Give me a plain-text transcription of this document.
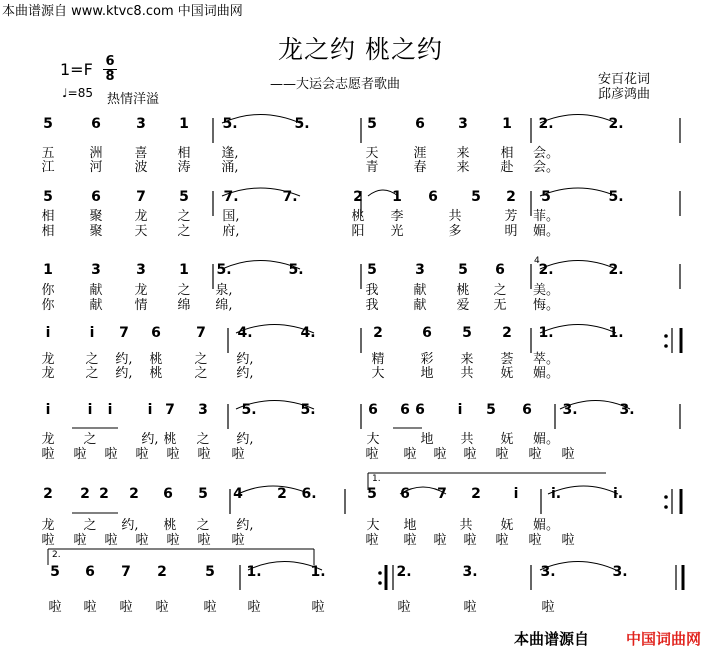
本曲谱源自 www.ktvc8.com 中国词曲网
龙之约 桃之约
$1=F \frac{6}{8}$
♩=85 热情洋溢
——大运会志愿者歌曲	安百花词
邱彦鸿曲
5	6	3 1 5.	5.	5	6 3 1 2.	2.
五	洲 喜 相 逢,	天	涯 来 相 会。
江	河 波 涛 涌,	青	春 来 赴 会。
5	6	7 5 7.	7.	2 1 6 5 2 5	5.
相	聚 龙 之 国,	桃 李	共	芳 菲。
相	聚 天 之 府,	阳 光	多	明 媚。
1	3	3 1 5.	5.	5	3 5 6 2.	2.
你	献 龙 之 泉,	我	献 桃 之 美。
你	献 情 绵 绵,	我	献 爱 无 悔。
4
i	i 7 6	7 4.	4.	2	6 5 2 1.	1.
龙 之 约, 桃 之 约,	精	彩 来 荟 萃。
龙 之 约, 桃 之 约,	大	地 共 妩 媚。
i	i i	i 7 3 5.	5.	6 6 6 i 5 6 3.	3.
龙 之	约, 桃 之 约,	大	地 共 妩 媚。
啦 啦 啦 啦 啦 啦 啦	啦 啦 啦 啦 啦 啦 啦
2 2 2 2 6 5 4 2 6.	5 6 7 2 i i.	i.
龙 之 约, 桃 之 约,	大 地	共 妩 媚。
啦 啦 啦 啦 啦 啦 啦	啦 啦 啦 啦 啦 啦 啦
1.
5 6 7 2	5 1.	1.	2.	3.	3.	3.
啦 啦 啦 啦	啦 啦	啦	啦	啦	啦
2.
本曲谱源自 中国词曲网
